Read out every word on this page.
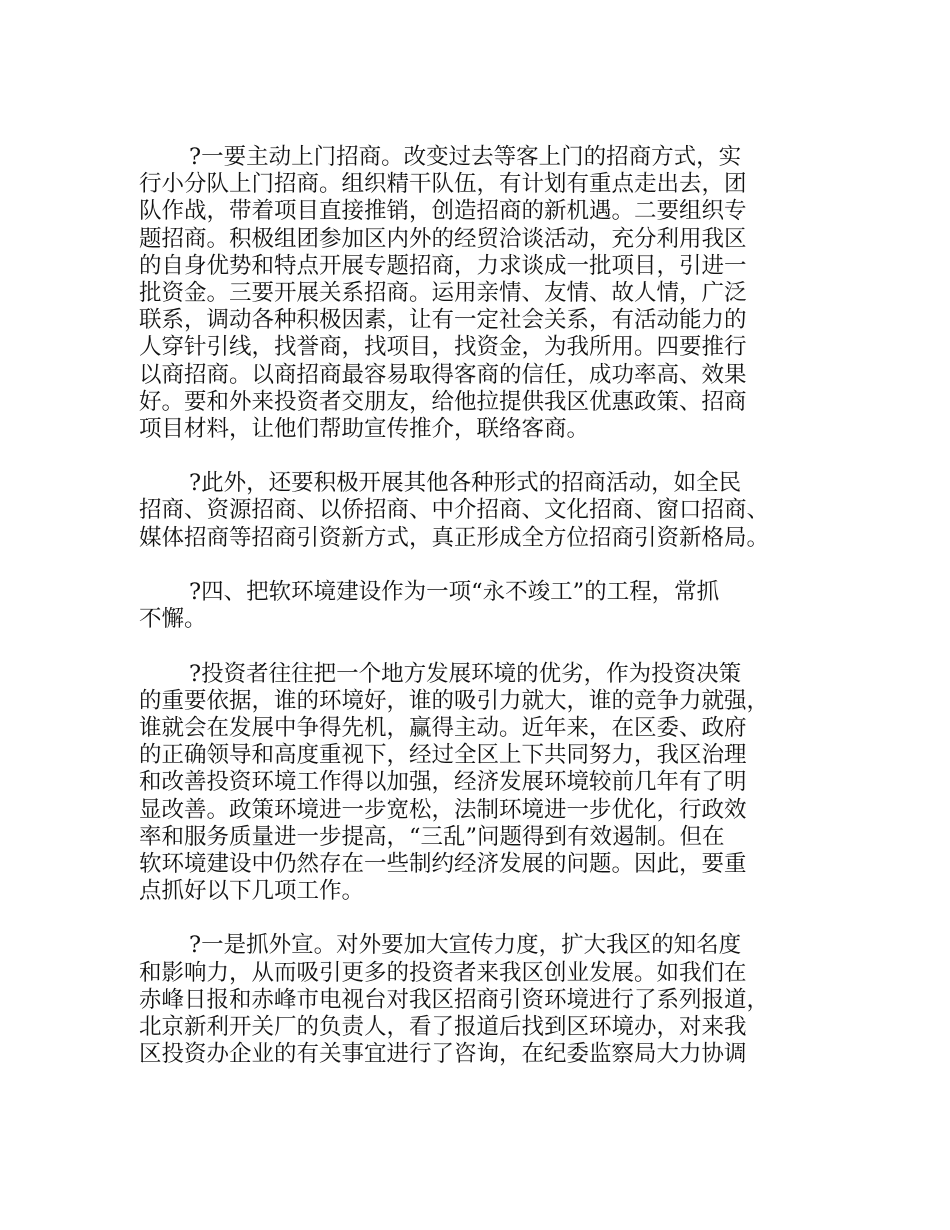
?一要主动上门招商。改变过去等客上门的招商方式，实
行小分队上门招商。组织精干队伍，有计划有重点走出去，团
队作战，带着项目直接推销，创造招商的新机遇。二要组织专
题招商。积极组团参加区内外的经贸洽谈活动，充分利用我区
的自身优势和特点开展专题招商，力求谈成一批项目，引进一
批资金。三要开展关系招商。运用亲情、友情、故人情，广泛
联系，调动各种积极因素，让有一定社会关系，有活动能力的
人穿针引线，找誉商，找项目，找资金，为我所用。四要推行
以商招商。以商招商最容易取得客商的信任，成功率高、效果
好。要和外来投资者交朋友，给他拉提供我区优惠政策、招商
项目材料，让他们帮助宣传推介，联络客商。
?此外，还要积极开展其他各种形式的招商活动，如全民
招商、资源招商、以侨招商、中介招商、文化招商、窗口招商、
媒体招商等招商引资新方式，真正形成全方位招商引资新格局。
?四、把软环境建设作为一项“永不竣工”的工程，常抓
不懈。
?投资者往往把一个地方发展环境的优劣，作为投资决策
的重要依据，谁的环境好，谁的吸引力就大，谁的竞争力就强，
谁就会在发展中争得先机，赢得主动。近年来，在区委、政府
的正确领导和高度重视下，经过全区上下共同努力，我区治理
和改善投资环境工作得以加强，经济发展环境较前几年有了明
显改善。政策环境进一步宽松，法制环境进一步优化，行政效
率和服务质量进一步提高，“三乱”问题得到有效遏制。但在
软环境建设中仍然存在一些制约经济发展的问题。因此，要重
点抓好以下几项工作。
?一是抓外宣。对外要加大宣传力度，扩大我区的知名度
和影响力，从而吸引更多的投资者来我区创业发展。如我们在
赤峰日报和赤峰市电视台对我区招商引资环境进行了系列报道，
北京新利开关厂的负责人，看了报道后找到区环境办，对来我
区投资办企业的有关事宜进行了咨询，在纪委监察局大力协调
